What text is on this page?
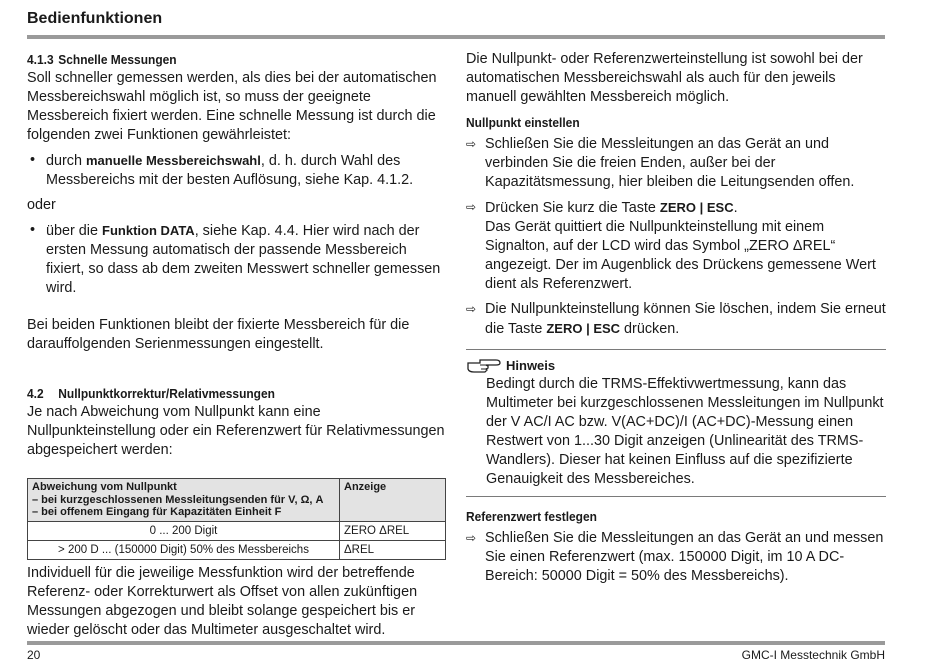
Bedienfunktionen
4.1.3 Schnelle Messungen

Soll schneller gemessen werden, als dies bei der automatischen Messbereichswahl möglich ist, so muss der geeignete Messbereich fixiert werden. Eine schnelle Messung ist durch die folgenden zwei Funktionen gewährleistet:

• durch manuelle Messbereichswahl, d. h. durch Wahl des Messbereichs mit der besten Auflösung, siehe Kap. 4.1.2.

oder

• über die Funktion DATA, siehe Kap. 4.4. Hier wird nach der ersten Messung automatisch der passende Messbereich fixiert, so dass ab dem zweiten Messwert schneller gemessen wird.

Bei beiden Funktionen bleibt der fixierte Messbereich für die darauffolgenden Serienmessungen eingestellt.

4.2 Nullpunktkorrektur/Relativmessungen

Je nach Abweichung vom Nullpunkt kann eine Nullpunkteinstellung oder ein Referenzwert für Relativmessungen abgespeichert werden:

Abweichung vom Nullpunkt
– bei kurzgeschlossenen Messleitungsenden für V, Ω, A
– bei offenem Eingang für Kapazitäten Einheit F	Anzeige
0 ... 200 Digit	ZERO ΔREL
> 200 D ... (150000 Digit) 50% des Messbereichs	ΔREL

Individuell für die jeweilige Messfunktion wird der betreffende Referenz- oder Korrekturwert als Offset von allen zukünftigen Messungen abgezogen und bleibt solange gespeichert bis er wieder gelöscht oder das Multimeter ausgeschaltet wird.

Die Nullpunkt- oder Referenzwerteinstellung ist sowohl bei der automatischen Messbereichswahl als auch für den jeweils manuell gewählten Messbereich möglich.

Nullpunkt einstellen
⇨ Schließen Sie die Messleitungen an das Gerät an und verbinden Sie die freien Enden, außer bei der Kapazitätsmessung, hier bleiben die Leitungsenden offen.
⇨ Drücken Sie kurz die Taste ZERO | ESC.
Das Gerät quittiert die Nullpunkteinstellung mit einem Signalton, auf der LCD wird das Symbol „ZERO ΔREL“ angezeigt. Der im Augenblick des Drückens gemessene Wert dient als Referenzwert.
⇨ Die Nullpunkteinstellung können Sie löschen, indem Sie erneut die Taste ZERO | ESC drücken.
Hinweis

Bedingt durch die TRMS-Effektivwertmessung, kann das Multimeter bei kurzgeschlossenen Messleitungen im Nullpunkt der V AC/I AC bzw. V(AC+DC)/I (AC+DC)-Messung einen Restwert von 1...30 Digit anzeigen (Unlinearität des TRMS-Wandlers). Dieser hat keinen Einfluss auf die spezifizierte Genauigkeit des Messbereiches.

Referenzwert festlegen
⇨ Schließen Sie die Messleitungen an das Gerät an und messen Sie einen Referenzwert (max. 150000 Digit, im 10 A DC-Bereich: 50000 Digit = 50% des Messbereichs).
20	GMC-I Messtechnik GmbH
